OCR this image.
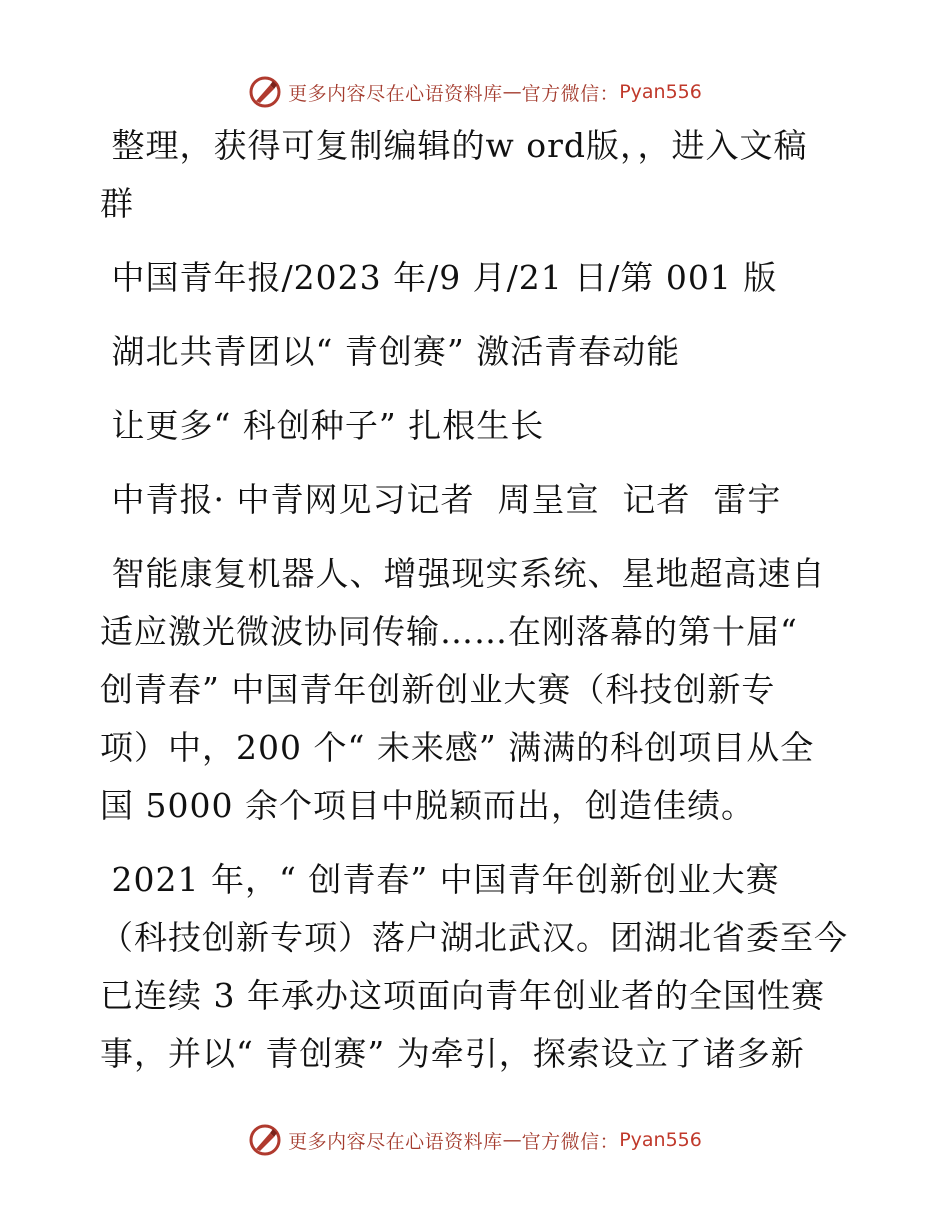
更多内容尽在心语资料库 — 官方微信： Pyan556
整理，获得可复制编辑的w ord版，，进入文稿
群
中国青年报/2023 年/9 月/21 日/第 001 版
湖北共青团以“ 青创赛” 激活青春动能
让更多“ 科创种子” 扎根生长
中青报· 中青网见习记者  周呈宣  记者  雷宇
智能康复机器人、增强现实系统、星地超高速自
适应激光微波协同传输……在刚落幕的第十届“
创青春” 中国青年创新创业大赛（科技创新专
项）中，200 个“ 未来感” 满满的科创项目从全
国 5000 余个项目中脱颖而出，创造佳绩。
2021 年，“ 创青春” 中国青年创新创业大赛
（科技创新专项）落户湖北武汉。团湖北省委至今
已连续 3 年承办这项面向青年创业者的全国性赛
事，并以“ 青创赛” 为牵引，探索设立了诸多新
更多内容尽在心语资料库 — 官方微信： Pyan556
